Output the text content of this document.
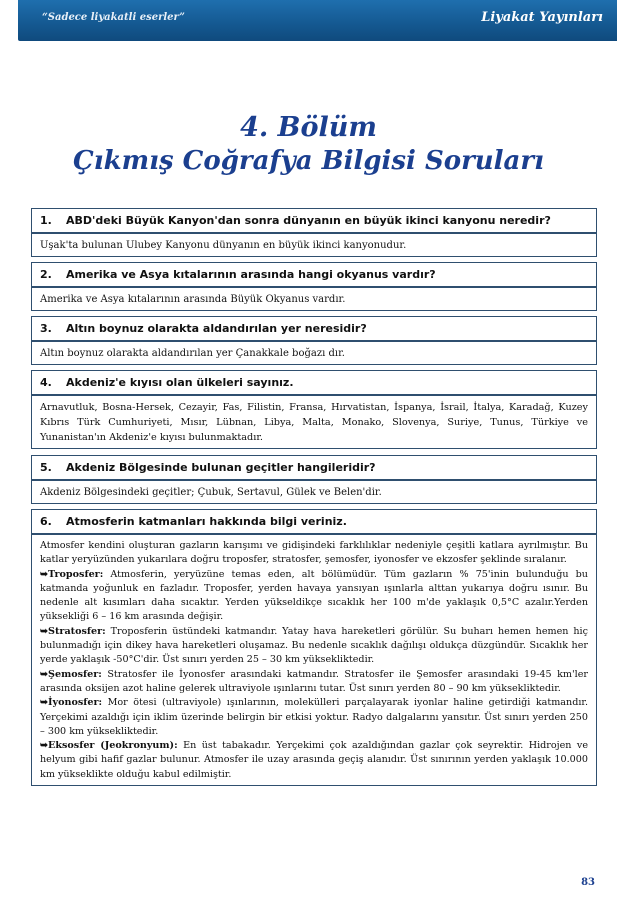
“Sadece liyakatli eserler”	Liyakat Yayınları
4. Bölüm
Çıkmış Coğrafya Bilgisi Soruları
1. ABD'deki Büyük Kanyon'dan sonra dünyanın en büyük ikinci kanyonu neredir?
Uşak'ta bulunan Ulubey Kanyonu dünyanın en büyük ikinci kanyonudur.
2. Amerika ve Asya kıtalarının arasında hangi okyanus vardır?
Amerika ve Asya kıtalarının arasında Büyük Okyanus vardır.
3. Altın boynuz olarakta aldandırılan yer neresidir?
Altın boynuz olarakta aldandırılan yer Çanakkale boğazı dır.
4. Akdeniz'e kıyısı olan ülkeleri sayınız.
Arnavutluk, Bosna-Hersek, Cezayir, Fas, Filistin, Fransa, Hırvatistan, İspanya, İsrail, İtalya, Karadağ, Kuzey Kıbrıs Türk Cumhuriyeti, Mısır, Lübnan, Libya, Malta, Monako, Slovenya, Suriye, Tunus, Türkiye ve Yunanistan'ın Akdeniz'e kıyısı bulunmaktadır.
5. Akdeniz Bölgesinde bulunan geçitler hangileridir?
Akdeniz Bölgesindeki geçitler; Çubuk, Sertavul, Gülek ve Belen'dir.
6. Atmosferin katmanları hakkında bilgi veriniz.

Atmosfer kendini oluşturan gazların karışımı ve gidişindeki farklılıklar nedeniyle çeşitli katlara ayrılmıştır. Bu katlar yeryüzünden yukarılara doğru troposfer, stratosfer, şemosfer, iyonosfer ve ekzosfer şeklinde sıralanır.

➥Troposfer: Atmosferin, yeryüzüne temas eden, alt bölümüdür. Tüm gazların % 75'inin bulunduğu bu katmanda yoğunluk en fazladır. Troposfer, yerden havaya yansıyan ışınlarla alttan yukarıya doğru ısınır. Bu nedenle alt kısımları daha sıcaktır. Yerden yükseldikçe sıcaklık her 100 m'de yaklaşık 0,5°C azalır.Yerden yüksekliği 6 – 16 km arasında değişir.

➥Stratosfer: Troposferin üstündeki katmandır. Yatay hava hareketleri görülür. Su buharı hemen hemen hiç bulunmadığı için dikey hava hareketleri oluşamaz. Bu nedenle sıcaklık dağılışı oldukça düzgündür. Sıcaklık her yerde yaklaşık -50°C'dir. Üst sınırı yerden 25 – 30 km yüksekliktedir.

➥Şemosfer: Stratosfer ile İyonosfer arasındaki katmandır. Stratosfer ile Şemosfer arasındaki 19-45 km'ler arasında oksijen azot haline gelerek ultraviyole ışınlarını tutar. Üst sınırı yerden 80 – 90 km yüksekliktedir.

➥İyonosfer: Mor ötesi (ultraviyole) ışınlarının, molekülleri parçalayarak iyonlar haline getirdiği katmandır. Yerçekimi azaldığı için iklim üzerinde belirgin bir etkisi yoktur. Radyo dalgalarını yansıtır. Üst sınırı yerden 250 – 300 km yüksekliktedir.

➥Eksosfer (Jeokronyum): En üst tabakadır. Yerçekimi çok azaldığından gazlar çok seyrektir. Hidrojen ve helyum gibi hafif gazlar bulunur. Atmosfer ile uzay arasında geçiş alanıdır. Üst sınırının yerden yaklaşık 10.000 km yükseklikte olduğu kabul edilmiştir.

83
